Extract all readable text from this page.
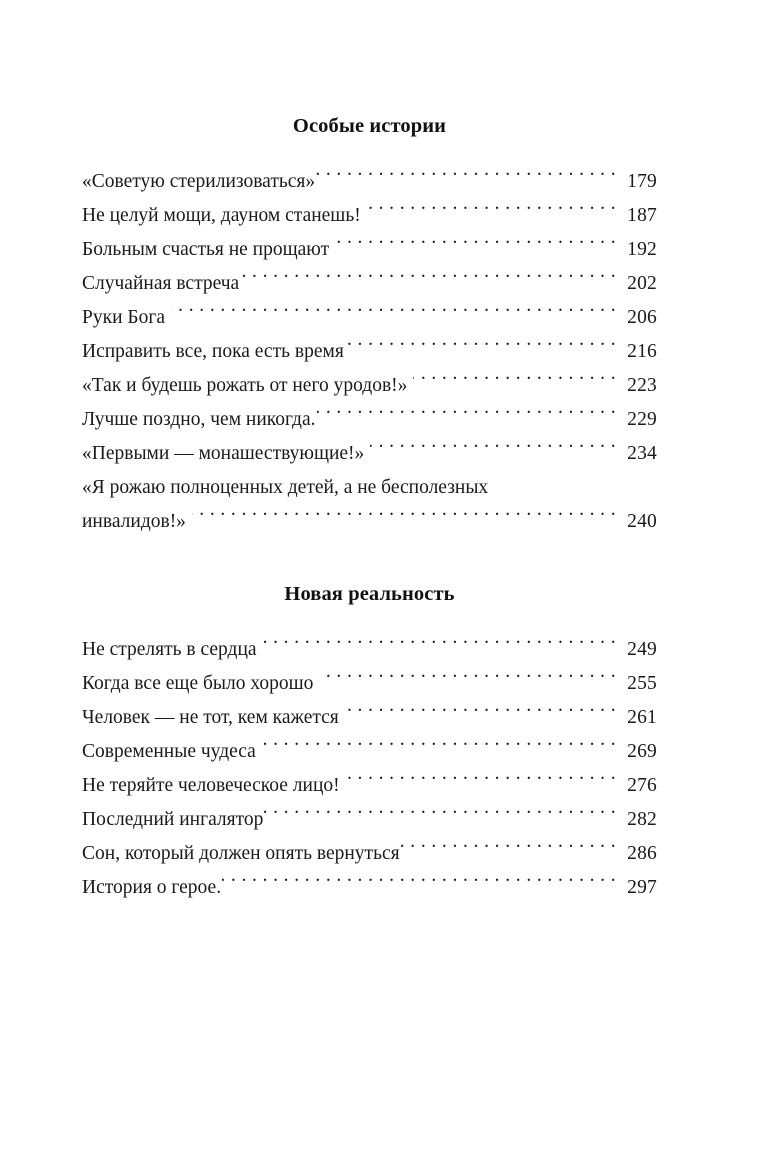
Особые истории
«Советую стерилизоваться» . . .	179
Не целуй мощи, дауном станешь! . . .	187
Больным счастья не прощают . . .	192
Случайная встреча . . .	202
Руки Бога . . .	206
Исправить все, пока есть время . . .	216
«Так и будешь рожать от него уродов!» . . .	223
Лучше поздно, чем никогда. . . .	229
«Первыми — монашествующие!» . . .	234
«Я рожаю полноценных детей, а не бесполезных
инвалидов!» . . .	240
Новая реальность
Не стрелять в сердца . . .	249
Когда все еще было хорошо . . .	255
Человек — не тот, кем кажется . . .	261
Современные чудеса . . .	269
Не теряйте человеческое лицо! . . .	276
Последний ингалятор . . .	282
Сон, который должен опять вернуться . . .	286
История о герое. . . .	297
